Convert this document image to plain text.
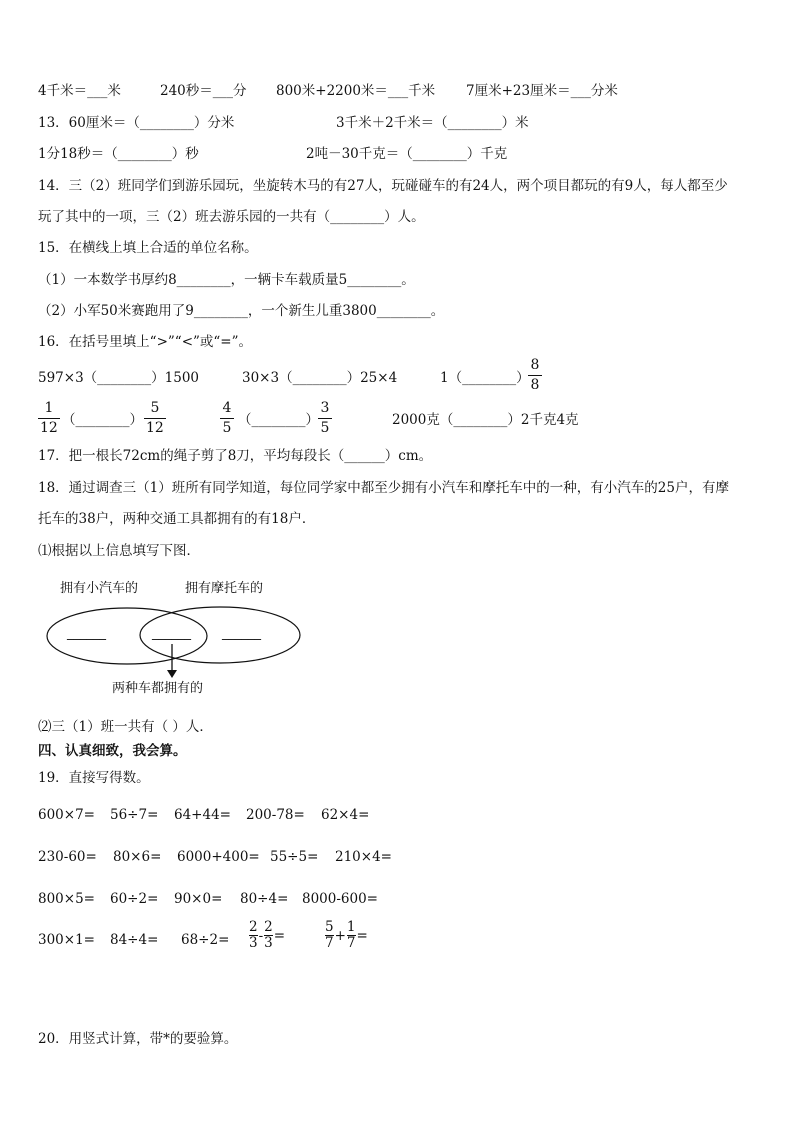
4千米＝___米	240秒＝___分 800米+2200米＝___千米 7厘米+23厘米＝___分米
13．60厘米＝（________）分米	3千米＋2千米＝（________）米
1分18秒＝（________）秒	2吨－30千克＝（________）千克
14．三（2）班同学们到游乐园玩，坐旋转木马的有27人，玩碰碰车的有24人，两个项目都玩的有9人，每人都至少
玩了其中的一项，三（2）班去游乐园的一共有（________）人。
15．在横线上填上合适的单位名称。
（1）一本数学书厚约8________，一辆卡车载质量5________。
（2）小军50米赛跑用了9________，一个新生儿重3800________。
16．在括号里填上“>”“<”或“=”。
597×3（________）1500	30×3（________）25×4	1（________）
8
8
1
12 （________）
5
12
4
5 （________）
3
5	2000克（________）2千克4克
17．把一根长72cm的绳子剪了8刀，平均每段长（______）cm。
18．通过调查三（1）班所有同学知道，每位同学家中都至少拥有小汽车和摩托车中的一种，有小汽车的25户，有摩
托车的38户，两种交通工具都拥有的有18户．
⑴根据以上信息填写下图．
拥有小汽车的	拥有摩托车的
______	______ ______
两种车都拥有的
⑵三（1）班一共有（ ）人．
四、认真细致，我会算。
19．直接写得数。
600×7= 56÷7= 64+44= 200-78= 62×4=
230-60= 80×6= 6000+400= 55÷5= 210×4=
800×5= 60÷2= 90×0= 80÷4= 8000-600=
$300\times 1= 84\div 4= 68\div 2= \frac{2}{3} - \frac{2}{3}$ =	$\frac{5}{7} + \frac{1}{7}$ =
20．用竖式计算，带*的要验算。
